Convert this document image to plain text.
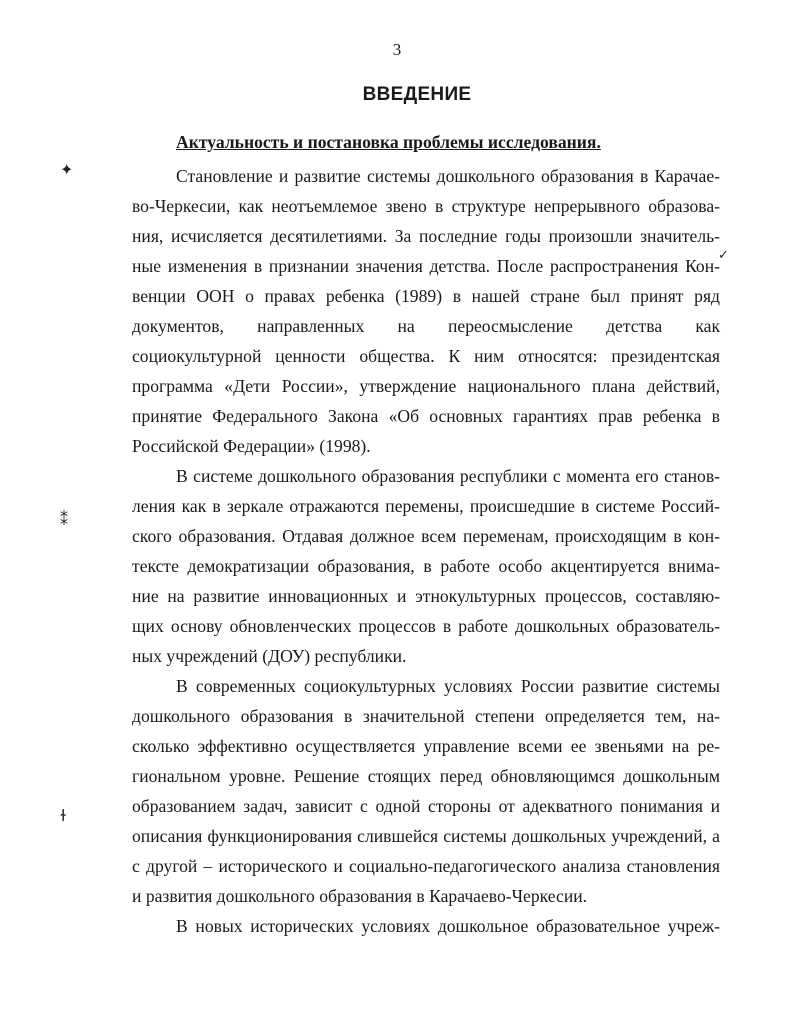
3
ВВЕДЕНИЕ
Актуальность и постановка проблемы исследования.
✦
⁑
ɫ
✓
Становление и развитие системы дошкольного образования в Карачае-
во-Черкесии, как неотъемлемое звено в структуре непрерывного образова-
ния, исчисляется десятилетиями. За последние годы произошли значитель-
ные изменения в признании значения детства. После распространения Кон-
венции ООН о правах ребенка (1989) в нашей стране был принят ряд
документов, направленных на переосмысление детства как
социокультурной ценности общества. К ним относятся: президентская
программа «Дети России», утверждение национального плана действий,
принятие Федерального Закона «Об основных гарантиях прав ребенка в
Российской Федерации» (1998).
В системе дошкольного образования республики с момента его станов-
ления как в зеркале отражаются перемены, происшедшие в системе Россий-
ского образования. Отдавая должное всем переменам, происходящим в кон-
тексте демократизации образования, в работе особо акцентируется внима-
ние на развитие инновационных и этнокультурных процессов, составляю-
щих основу обновленческих процессов в работе дошкольных образователь-
ных учреждений (ДОУ) республики.
В современных социокультурных условиях России развитие системы
дошкольного образования в значительной степени определяется тем, на-
сколько эффективно осуществляется управление всеми ее звеньями на ре-
гиональном уровне. Решение стоящих перед обновляющимся дошкольным
образованием задач, зависит с одной стороны от адекватного понимания и
описания функционирования слившейся системы дошкольных учреждений, а
с другой – исторического и социально-педагогического анализа становления
и развития дошкольного образования в Карачаево-Черкесии.
В новых исторических условиях дошкольное образовательное учреж-
